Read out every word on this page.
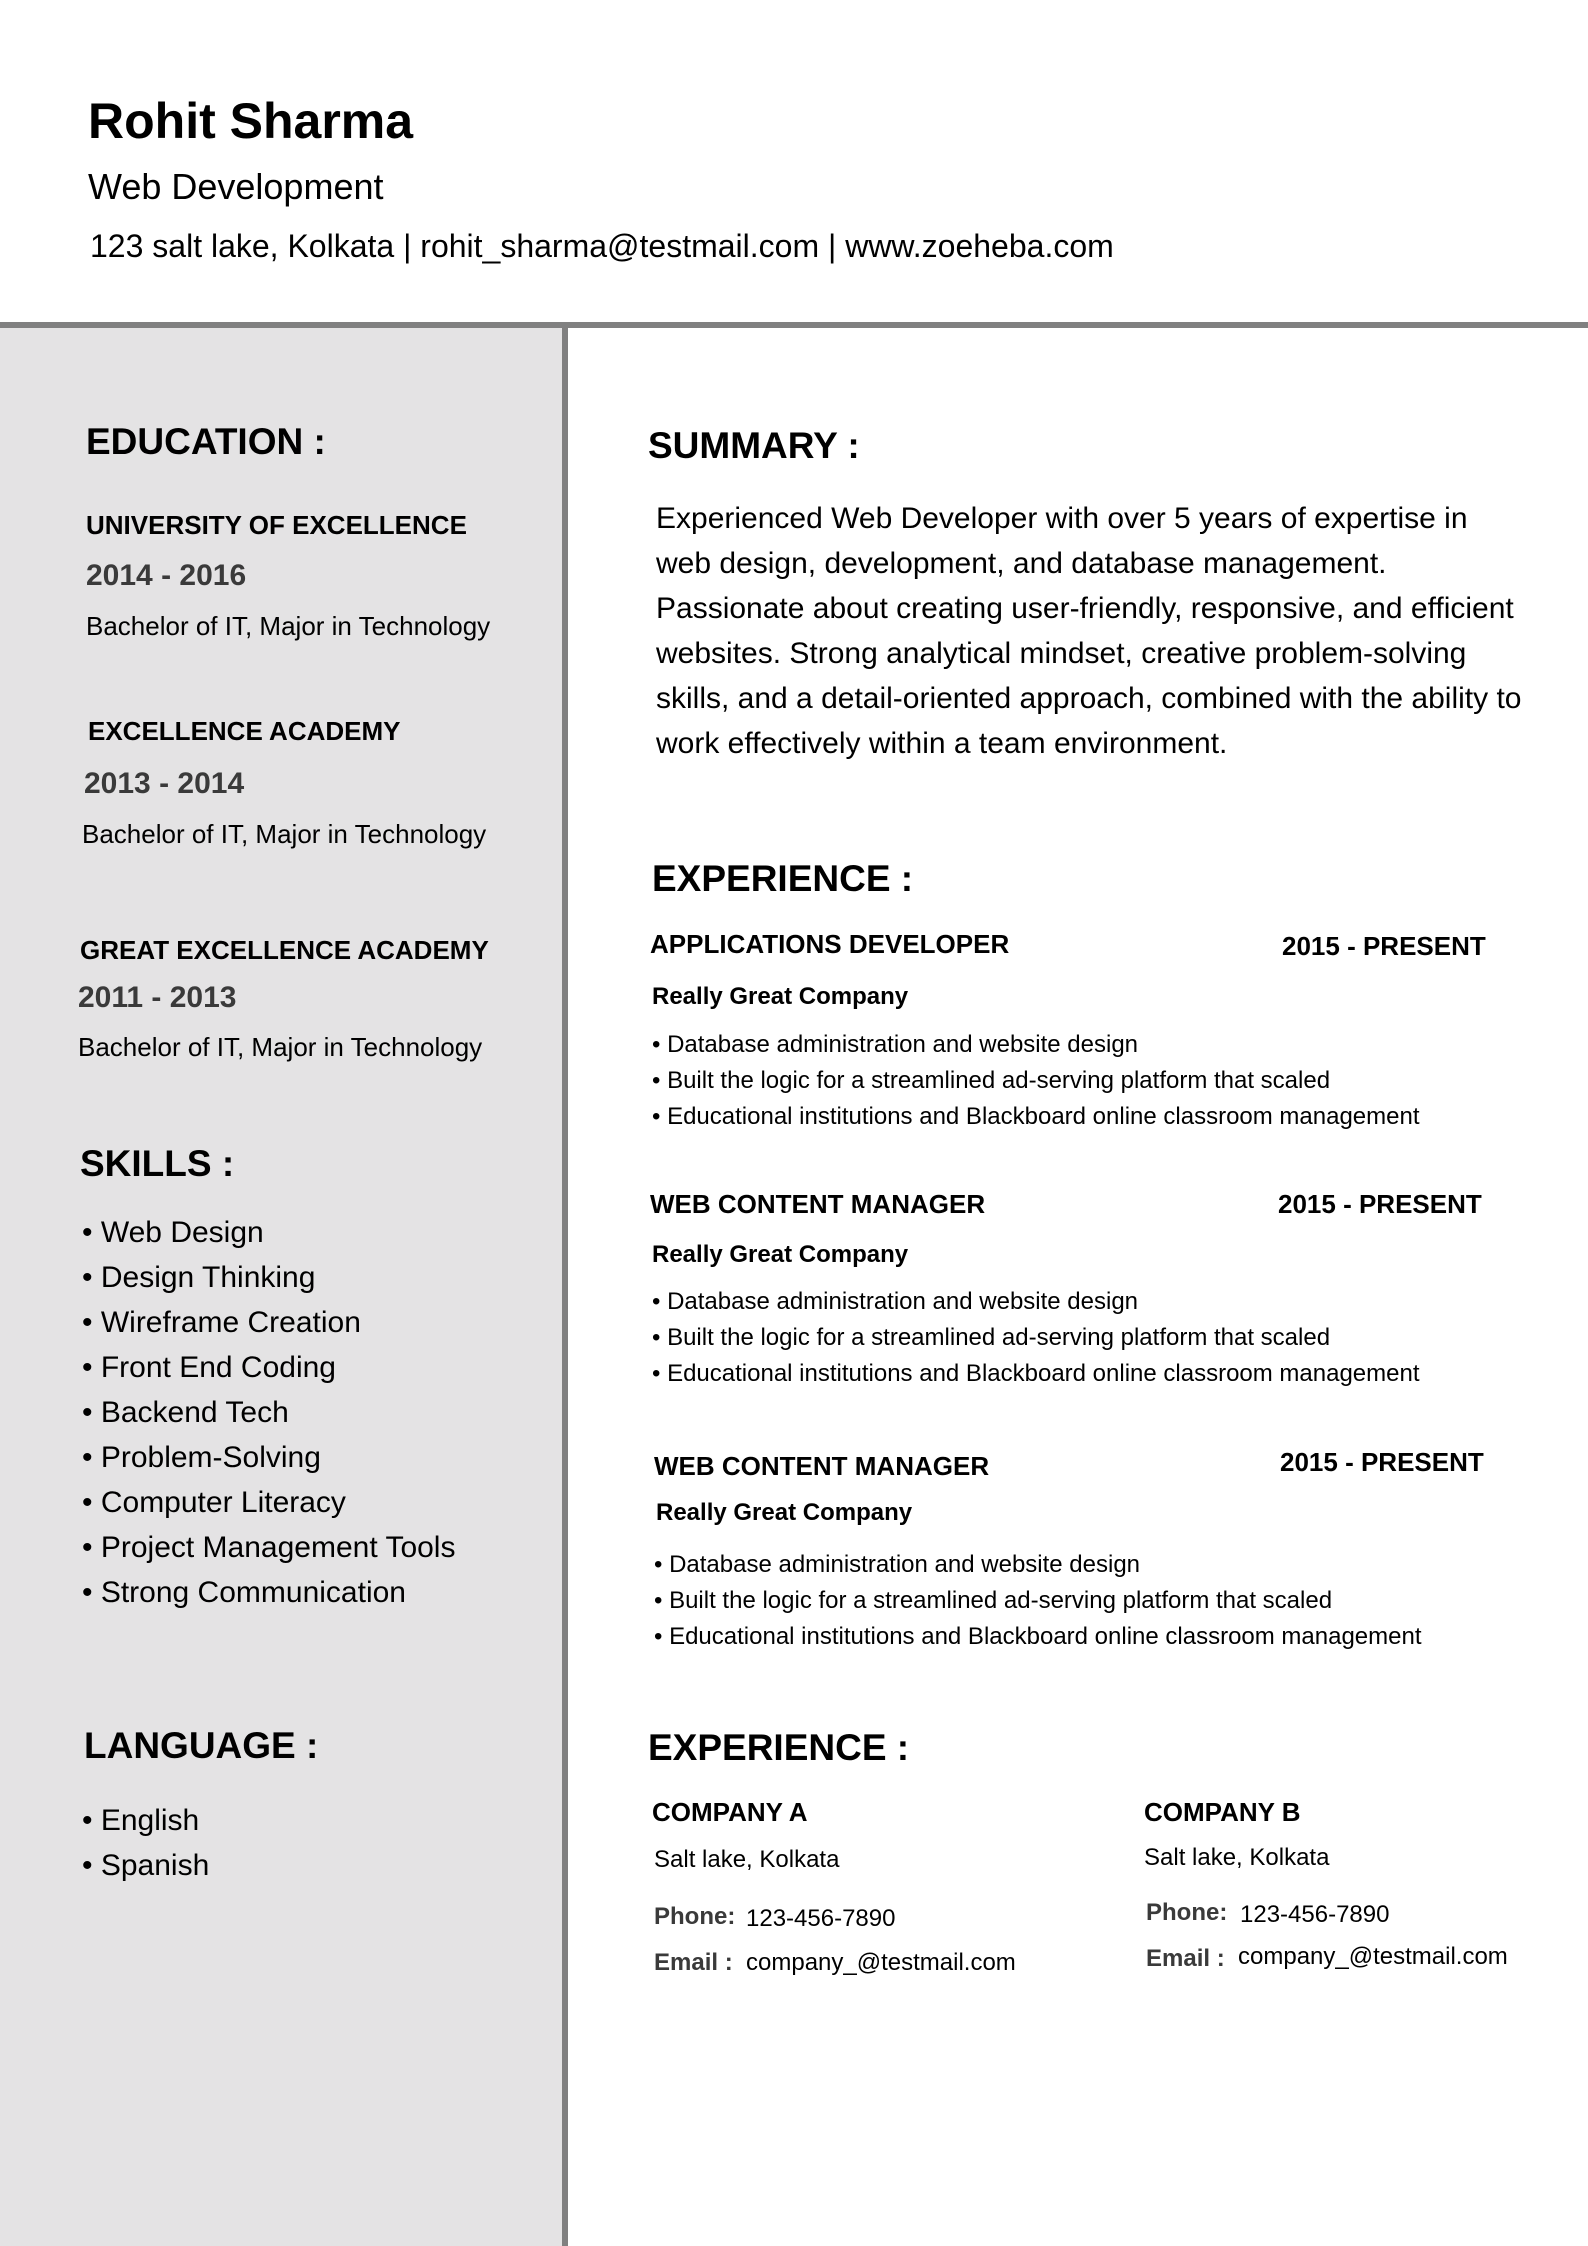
Rohit Sharma
Web Development
123 salt lake, Kolkata | rohit_sharma@testmail.com | www.zoeheba.com
EDUCATION :
UNIVERSITY OF EXCELLENCE
2014 - 2016
Bachelor of IT, Major in Technology
EXCELLENCE ACADEMY
2013 - 2014
Bachelor of IT, Major in Technology
GREAT EXCELLENCE ACADEMY
2011 - 2013
Bachelor of IT, Major in Technology
SKILLS :
• Web Design
• Design Thinking
• Wireframe Creation
• Front End Coding
• Backend Tech
• Problem-Solving
• Computer Literacy
• Project Management Tools
• Strong Communication
LANGUAGE :
• English
• Spanish
SUMMARY :
Experienced Web Developer with over 5 years of expertise in web design, development, and database management. Passionate about creating user-friendly, responsive, and efficient websites. Strong analytical mindset, creative problem-solving skills, and a detail-oriented approach, combined with the ability to work effectively within a team environment.
EXPERIENCE :
APPLICATIONS DEVELOPER	2015 - PRESENT
Really Great Company
• Database administration and website design
• Built the logic for a streamlined ad-serving platform that scaled
• Educational institutions and Blackboard online classroom management
WEB CONTENT MANAGER	2015 - PRESENT
Really Great Company
• Database administration and website design
• Built the logic for a streamlined ad-serving platform that scaled
• Educational institutions and Blackboard online classroom management
WEB CONTENT MANAGER	2015 - PRESENT
Really Great Company
• Database administration and website design
• Built the logic for a streamlined ad-serving platform that scaled
• Educational institutions and Blackboard online classroom management
EXPERIENCE :
COMPANY A
Salt lake, Kolkata
Phone: 123-456-7890
Email : company_@testmail.com
COMPANY B
Salt lake, Kolkata
Phone: 123-456-7890
Email : company_@testmail.com
